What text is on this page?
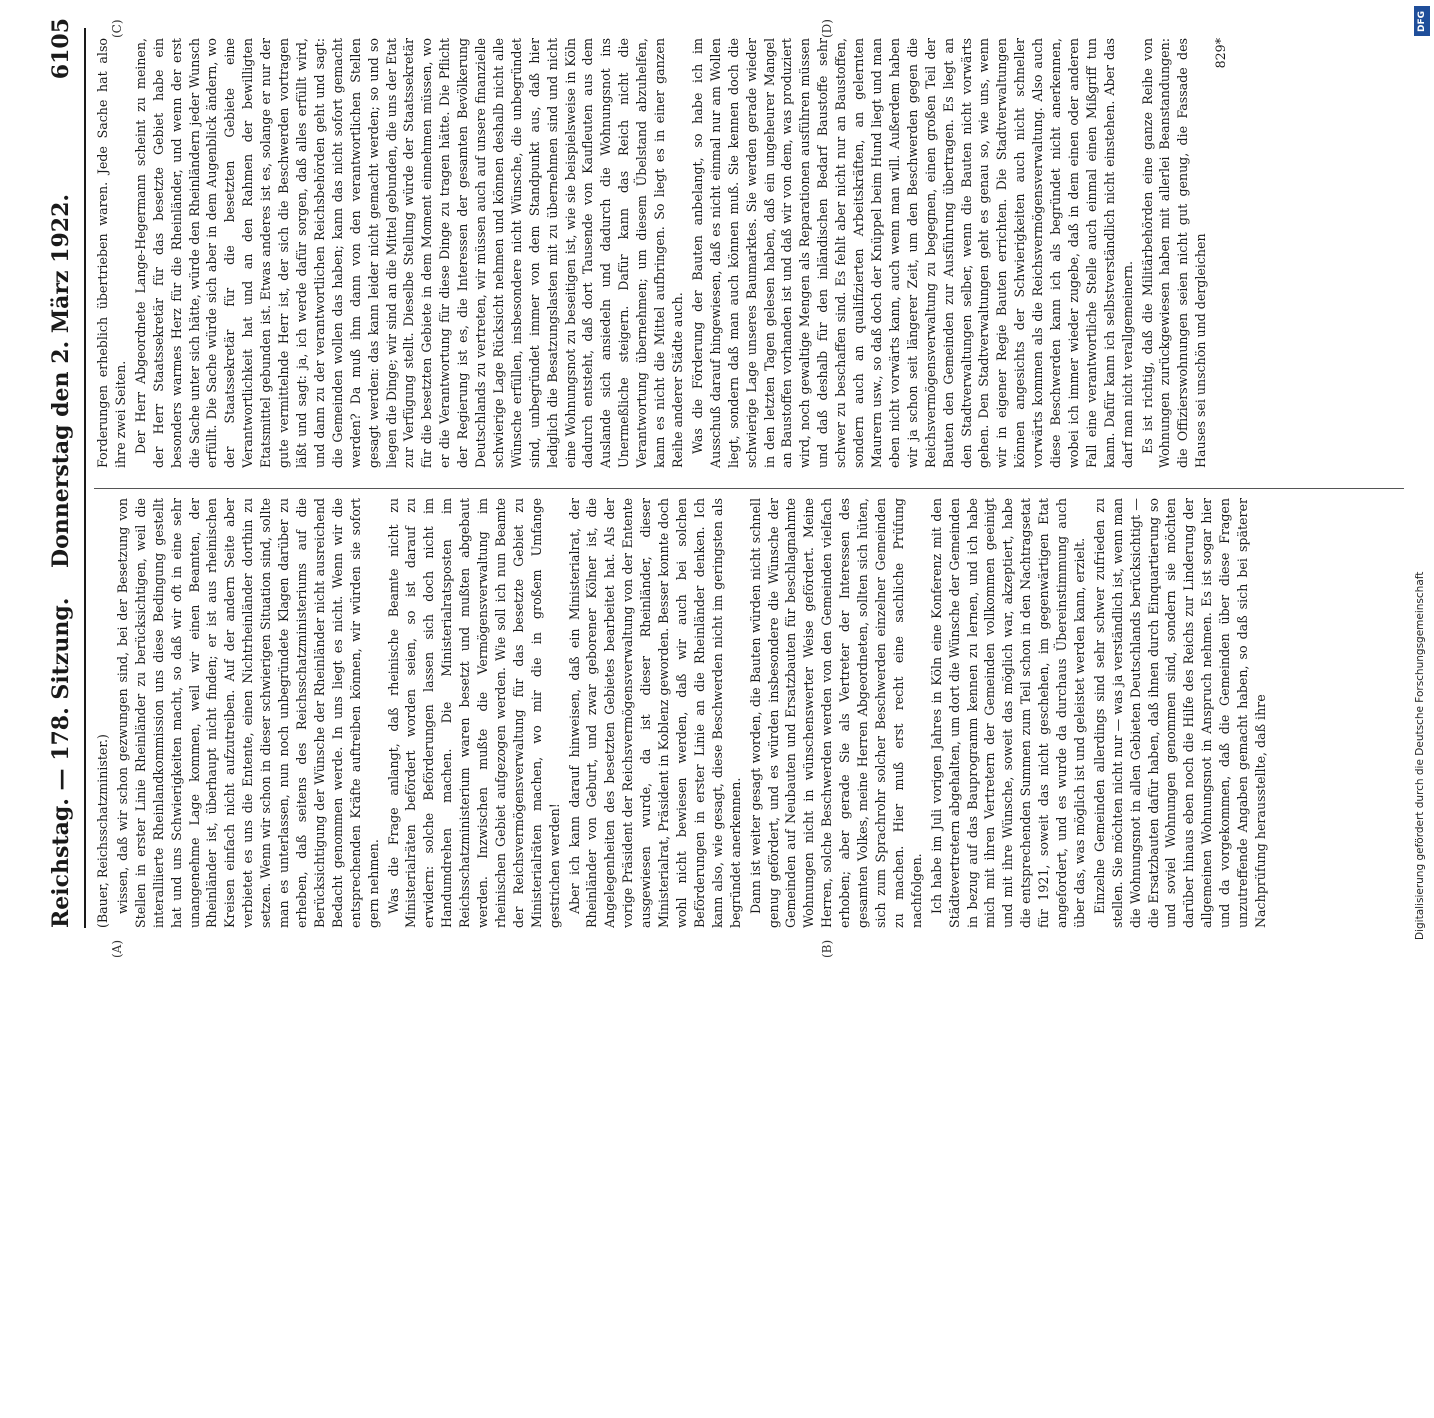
Reichstag. — 178. Sitzung.
Donnerstag den 2. März 1922.
6105
(A)	(B)
(C)	(D)

(Bauer, Reichsschatzminister.) wissen, daß wir schon gezwungen sind, bei der Besetzung von Stellen in erster Linie Rheinländer zu berücksichtigen, weil die interalliierte Rheinlandkommission uns diese Bedingung gestellt hat und uns Schwierigkeiten macht, so daß wir oft in eine sehr unangenehme Lage kommen, weil wir einen Beamten, der Rheinländer ist, überhaupt nicht finden; er ist aus rheinischen Kreisen einfach nicht aufzutreiben. Auf der andern Seite aber verbietet es uns die Entente, einen Nichtrheinländer dorthin zu setzen. Wenn wir schon in dieser schwierigen Situation sind, sollte man es unterlassen, nun noch unbegründete Klagen darüber zu erheben, daß seitens des Reichsschatzministeriums auf die Berücksichtigung der Wünsche der Rheinländer nicht ausreichend Bedacht genommen werde. In uns liegt es nicht. Wenn wir die entsprechenden Kräfte auftreiben können, wir würden sie sofort gern nehmen. Was die Frage anlangt, daß rheinische Beamte nicht zu Ministerialräten befördert worden seien, so ist darauf zu erwidern: solche Beförderungen lassen sich doch nicht im Handumdrehen machen. Die Ministerialratsposten im Reichsschatzministerium waren besetzt und mußten abgebaut werden. Inzwischen mußte die Vermögensverwaltung im rheinischen Gebiet aufgezogen werden. Wie soll ich nun Beamte der Reichsvermögensverwaltung für das besetzte Gebiet zu Ministerialräten machen, wo mir die in großem Umfange gestrichen werden! Aber ich kann darauf hinweisen, daß ein Ministerialrat, der Rheinländer von Geburt, und zwar geborener Kölner ist, die Angelegenheiten des besetzten Gebietes bearbeitet hat. Als der vorige Präsident der Reichsvermögensverwaltung von der Entente ausgewiesen wurde, da ist dieser Rheinländer, dieser Ministerialrat, Präsident in Koblenz geworden. Besser konnte doch wohl nicht bewiesen werden, daß wir auch bei solchen Beförderungen in erster Linie an die Rheinländer denken. Ich kann also, wie gesagt, diese Beschwerden nicht im geringsten als begründet anerkennen. Dann ist weiter gesagt worden, die Bauten würden nicht schnell genug gefördert, und es würden insbesondere die Wünsche der Gemeinden auf Neubauten und Ersatzbauten für beschlagnahmte Wohnungen nicht in wünschenswerter Weise gefördert. Meine Herren, solche Beschwerden werden von den Gemeinden vielfach erhoben; aber gerade Sie als Vertreter der Interessen des gesamten Volkes, meine Herren Abgeordneten, sollten sich hüten, sich zum Sprachrohr solcher Beschwerden einzelner Gemeinden zu machen. Hier muß erst recht eine sachliche Prüfung nachfolgen. Ich habe im Juli vorigen Jahres in Köln eine Konferenz mit den Städtevertretern abgehalten, um dort die Wünsche der Gemeinden in bezug auf das Bauprogramm kennen zu lernen, und ich habe mich mit ihren Vertretern der Gemeinden vollkommen geeinigt und mit ihre Wünsche, soweit das möglich war, akzeptiert, habe die entsprechenden Summen zum Teil schon in den Nachtragsetat für 1921, soweit das nicht geschehen, im gegenwärtigen Etat angefordert, und es wurde da durchaus Übereinstimmung auch über das, was möglich ist und geleistet werden kann, erzielt. Einzelne Gemeinden allerdings sind sehr schwer zufrieden zu stellen. Sie möchten nicht nur — was ja verständlich ist, wenn man die Wohnungsnot in allen Gebieten Deutschlands berücksichtigt — die Ersatzbauten dafür haben, daß ihnen durch Einquartierung so und soviel Wohnungen genommen sind, sondern sie möchten darüber hinaus eben noch die Hilfe des Reichs zur Linderung der allgemeinen Wohnungsnot in Anspruch nehmen. Es ist sogar hier und da vorgekommen, daß die Gemeinden über diese Fragen unzutreffende Angaben gemacht haben, so daß sich bei späterer Nachprüfung herausstellte, daß ihre

Forderungen erheblich übertrieben waren. Jede Sache hat also ihre zwei Seiten. Der Herr Abgeordnete Lange-Hegermann scheint zu meinen, der Herr Staatssekretär für das besetzte Gebiet habe ein besonders warmes Herz für die Rheinländer, und wenn der erst die Sache unter sich hätte, würde den Rheinländern jeder Wunsch erfüllt. Die Sache würde sich aber in dem Augenblick ändern, wo der Staatssekretär für die besetzten Gebiete eine Verantwortlichkeit hat und an den Rahmen der bewilligten Etatsmittel gebunden ist. Etwas anderes ist es, solange er nur der gute vermittelnde Herr ist, der sich die Beschwerden vortragen läßt und sagt: ja, ich werde dafür sorgen, daß alles erfüllt wird, und dann zu der verantwortlichen Reichsbehörden geht und sagt: die Gemeinden wollen das haben; kann das nicht sofort gemacht werden? Da muß ihm dann von den verantwortlichen Stellen gesagt werden: das kann leider nicht gemacht werden; so und so liegen die Dinge; wir sind an die Mittel gebunden, die uns der Etat zur Verfügung stellt. Dieselbe Stellung würde der Staatssekretär für die besetzten Gebiete in dem Moment einnehmen müssen, wo er die Verantwortung für diese Dinge zu tragen hätte. Die Pflicht der Regierung ist es, die Interessen der gesamten Bevölkerung Deutschlands zu vertreten, wir müssen auch auf unsere finanzielle schwierige Lage Rücksicht nehmen und können deshalb nicht alle Wünsche erfüllen, insbesondere nicht Wünsche, die unbegründet sind, unbegründet immer von dem Standpunkt aus, daß hier lediglich die Besatzungslasten mit zu übernehmen sind und nicht eine Wohnungsnot zu beseitigen ist, wie sie beispielsweise in Köln dadurch entsteht, daß dort Tausende von Kaufleuten aus dem Auslande sich ansiedeln und dadurch die Wohnungsnot ins Unermeßliche steigern. Dafür kann das Reich nicht die Verantwortung übernehmen; um diesem Übelstand abzuhelfen, kann es nicht die Mittel aufbringen. So liegt es in einer ganzen Reihe anderer Städte auch. Was die Förderung der Bauten anbelangt, so habe ich im Ausschuß darauf hingewiesen, daß es nicht einmal nur am Wollen liegt, sondern daß man auch können muß. Sie kennen doch die schwierige Lage unseres Baumarktes. Sie werden gerade wieder in den letzten Tagen gelesen haben, daß ein ungeheurer Mangel an Baustoffen vorhanden ist und daß wir von dem, was produziert wird, noch gewaltige Mengen als Reparationen ausführen müssen und daß deshalb für den inländischen Bedarf Baustoffe sehr schwer zu beschaffen sind. Es fehlt aber nicht nur an Baustoffen, sondern auch an qualifizierten Arbeitskräften, an gelernten Maurern usw., so daß doch der Knüppel beim Hund liegt und man eben nicht vorwärts kann, auch wenn man will. Außerdem haben wir ja schon seit längerer Zeit, um den Beschwerden gegen die Reichsvermögensverwaltung zu begegnen, einen großen Teil der Bauten den Gemeinden zur Ausführung übertragen. Es liegt an den Stadtverwaltungen selber, wenn die Bauten nicht vorwärts gehen. Den Stadtverwaltungen geht es genau so, wie uns, wenn wir in eigener Regie Bauten errichten. Die Stadtverwaltungen können angesichts der Schwierigkeiten auch nicht schneller vorwärts kommen als die Reichsvermögensverwaltung. Also auch diese Beschwerden kann ich als begründet nicht anerkennen, wobei ich immer wieder zugebe, daß in dem einen oder anderen Fall eine verantwortliche Stelle auch einmal einen Mißgriff tun kann. Dafür kann ich selbstverständlich nicht einstehen. Aber das darf man nicht verallgemeinern. Es ist richtig, daß die Militärbehörden eine ganze Reihe von Wohnungen zurückgewiesen haben mit allerlei Beanstandungen: die Offizierswohnungen seien nicht gut genug, die Fassade des Hauses sei unschön und dergleichen

829*

DFG
Digitalisierung gefördert durch die Deutsche Forschungsgemeinschaft
